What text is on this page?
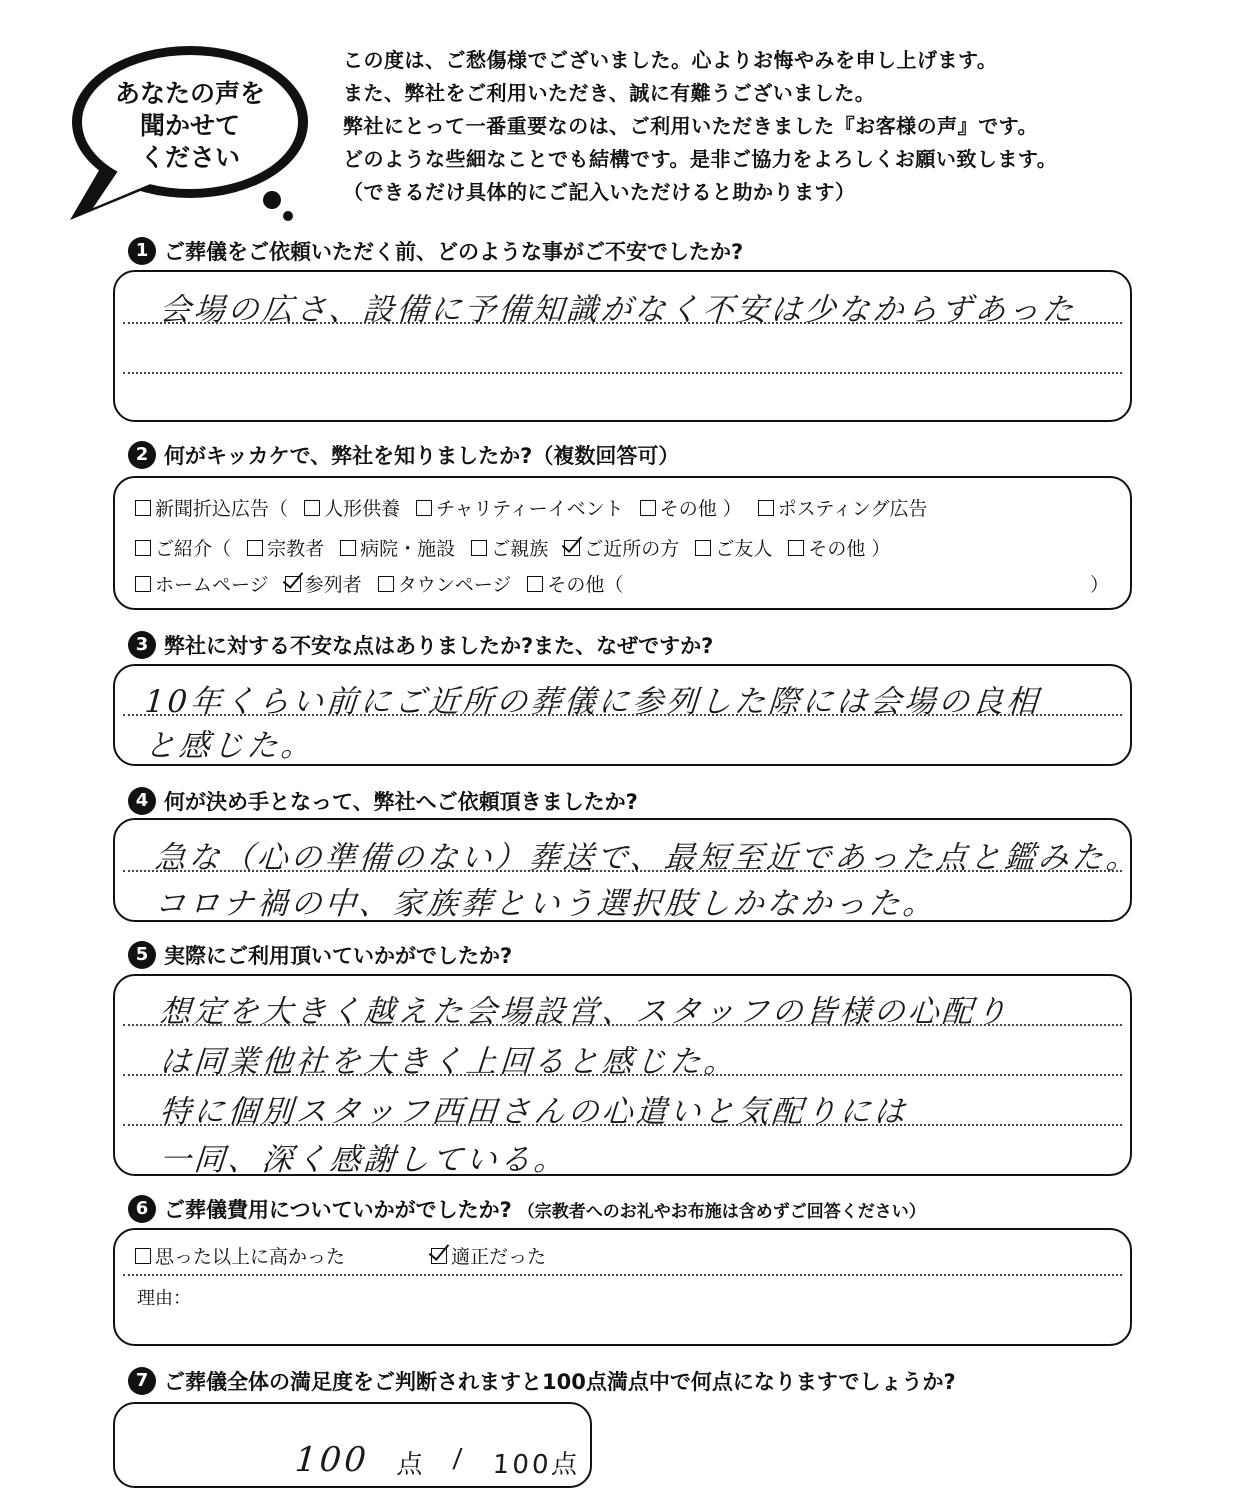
あなたの声を
聞かせて
ください
この度は、ご愁傷様でございました。心よりお悔やみを申し上げます。
また、弊社をご利用いただき、誠に有難うございました。
弊社にとって一番重要なのは、ご利用いただきました『お客様の声』です。
どのような些細なことでも結構です。是非ご協力をよろしくお願い致します。
（できるだけ具体的にご記入いただけると助かります）
1 ご葬儀をご依頼いただく前、どのような事がご不安でしたか?
会場の広さ、設備に予備知識がなく不安は少なからずあった
2 何がキッカケで、弊社を知りましたか?（複数回答可）
新聞折込広告（ 人形供養 チャリティーイベント その他 ） ポスティング広告
ご紹介（ 宗教者 病院・施設 ご親族 ご近所の方 ご友人 その他 ）
ホームページ 参列者 タウンページ その他（	）
3 弊社に対する不安な点はありましたか?また、なぜですか?
10年くらい前にご近所の葬儀に参列した際には会場の良相
と感じた。
4 何が決め手となって、弊社へご依頼頂きましたか?
急な（心の準備のない）葬送で、最短至近であった点と鑑みた。
コロナ禍の中、家族葬という選択肢しかなかった。
5 実際にご利用頂いていかがでしたか?
想定を大きく越えた会場設営、スタッフの皆様の心配り
は同業他社を大きく上回ると感じた。
特に個別スタッフ西田さんの心遣いと気配りには
一同、深く感謝している。
6 ご葬儀費用についていかがでしたか? （宗教者へのお礼やお布施は含めずご回答ください）
思った以上に高かった	適正だった
理由：
7 ご葬儀全体の満足度をご判断されますと100点満点中で何点になりますでしょうか?
100 点 / 100点
